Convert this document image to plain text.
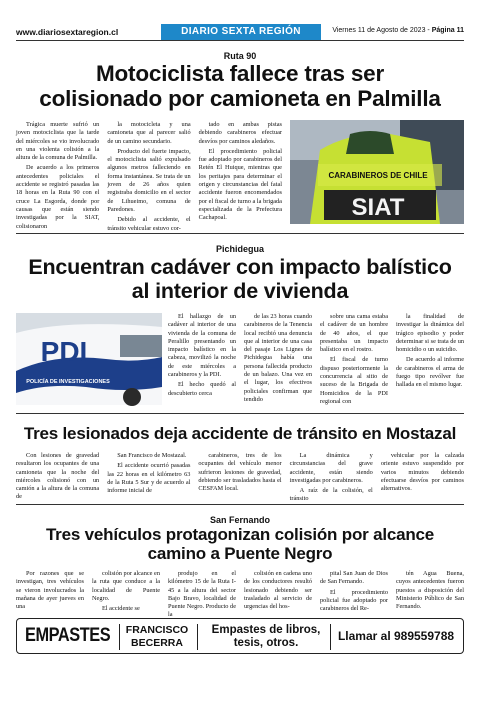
www.diariosextaregion.cl	DIARIO SEXTA REGIÓN	Viernes 11 de Agosto de 2023 - Página 11
Ruta 90
Motociclista fallece tras ser
colisionado por camioneta en Palmilla

Trágica muerte sufrió un joven motociclista que la tarde del miércoles se vio involucrado en una violenta colisión a la altura de la comuna de Palmilla.

De acuerdo a los primeros antecedentes policiales el accidente se registró pasadas las 18 horas en la Ruta 90 con el cruce La Esgorda, donde por causas que están siendo investigadas por la SIAT, colisionaron

la motocicleta y una camioneta que al parecer salió de un camino secundario.

Producto del fuerte impacto, el motociclista salió expulsado algunos metros falleciendo en forma instantánea. Se trata de un joven de 26 años quien registraba domicilio en el sector de Lihueimo, comuna de Paredones.

Debido al accidente, el tránsito vehicular estuvo cor-

tado en ambas pistas debiendo carabineros efectuar desvíos por caminos aledaños.

El procedimiento policial fue adoptado por carabineros del Retén El Huique, mientras que los peritajes para determinar el origen y circunstancias del fatal accidente fueron encomendados por el fiscal de turno a la brigada especializada de la Prefectura Cachapoal.

CARABINEROS DE CHILE
SIAT
Pichidegua
Encuentran cadáver con impacto balístico
al interior de vivienda
PDI
POLICÍA DE INVESTIGACIONES

El hallazgo de un cadáver al interior de una vivienda de la comuna de Peralillo presentando un impacto balístico en la cabeza, movilizó la noche de este miércoles a carabineros y la PDI.

El hecho quedó al descubierto cerca

de las 23 horas cuando carabineros de la Tenencia local recibió una denuncia que al interior de una casa del pasaje Los Lignes de Pichidegua había una persona fallecida producto de un balazo. Una vez en el lugar, los efectivos policiales confirman que tendido

sobre una cama estaba el cadáver de un hombre de 40 años, el que presentaba un impacto balístico en el rostro.

El fiscal de turno dispuso posteriormente la concurrencia al sitio de suceso de la Brigada de Homicidios de la PDI regional con

la finalidad de investigar la dinámica del trágico episodio y poder determinar si se trata de un homicidio o un suicidio.

De acuerdo al informe de carabineros el arma de fuego tipo revólver fue hallada en el mismo lugar.

Tres lesionados deja accidente de tránsito en Mostazal

Con lesiones de gravedad resultaron los ocupantes de una camioneta que la noche del miércoles colisionó con un camión a la altura de la comuna de

San Francisco de Mostazal.

El accidente ocurrió pasadas las 22 horas en el kilómetro 63 de la Ruta 5 Sur y de acuerdo al informe inicial de

carabineros, tres de los ocupantes del vehículo menor sufrieron lesiones de gravedad, debiendo ser trasladados hasta el CESFAM local.

La dinámica y circunstancias del grave accidente, están siendo investigadas por carabineros.

A raíz de la colisión, el tránsito

vehicular por la calzada oriente estuvo suspendido por varios minutos debiendo efectuarse desvíos por caminos alternativos.

San Fernando
Tres vehículos protagonizan colisión por alcance
camino a Puente Negro

Por razones que se investigan, tres vehículos se vieron involucrados la mañana de ayer jueves en una

colisión por alcance en la ruta que conduce a la localidad de Puente Negro.

El accidente se

produjo en el kilómetro 15 de la Ruta I-45 a la altura del sector Bajo Bravo, localidad de Puente Negro. Producto de la

colisión en cadena uno de los conductores resultó lesionado debiendo ser trasladado al servicio de urgencias del hos-

pital San Juan de Dios de San Fernando.

El procedimiento policial fue adoptado por carabineros del Re-

tén Agua Buena, cuyos antecedentes fueron puestos a disposición del Ministerio Público de San Fernando.

EMPASTES FRANCISCO
BECERRA
Empastes de libros,
tesis, otros.
Llamar al 989559788
